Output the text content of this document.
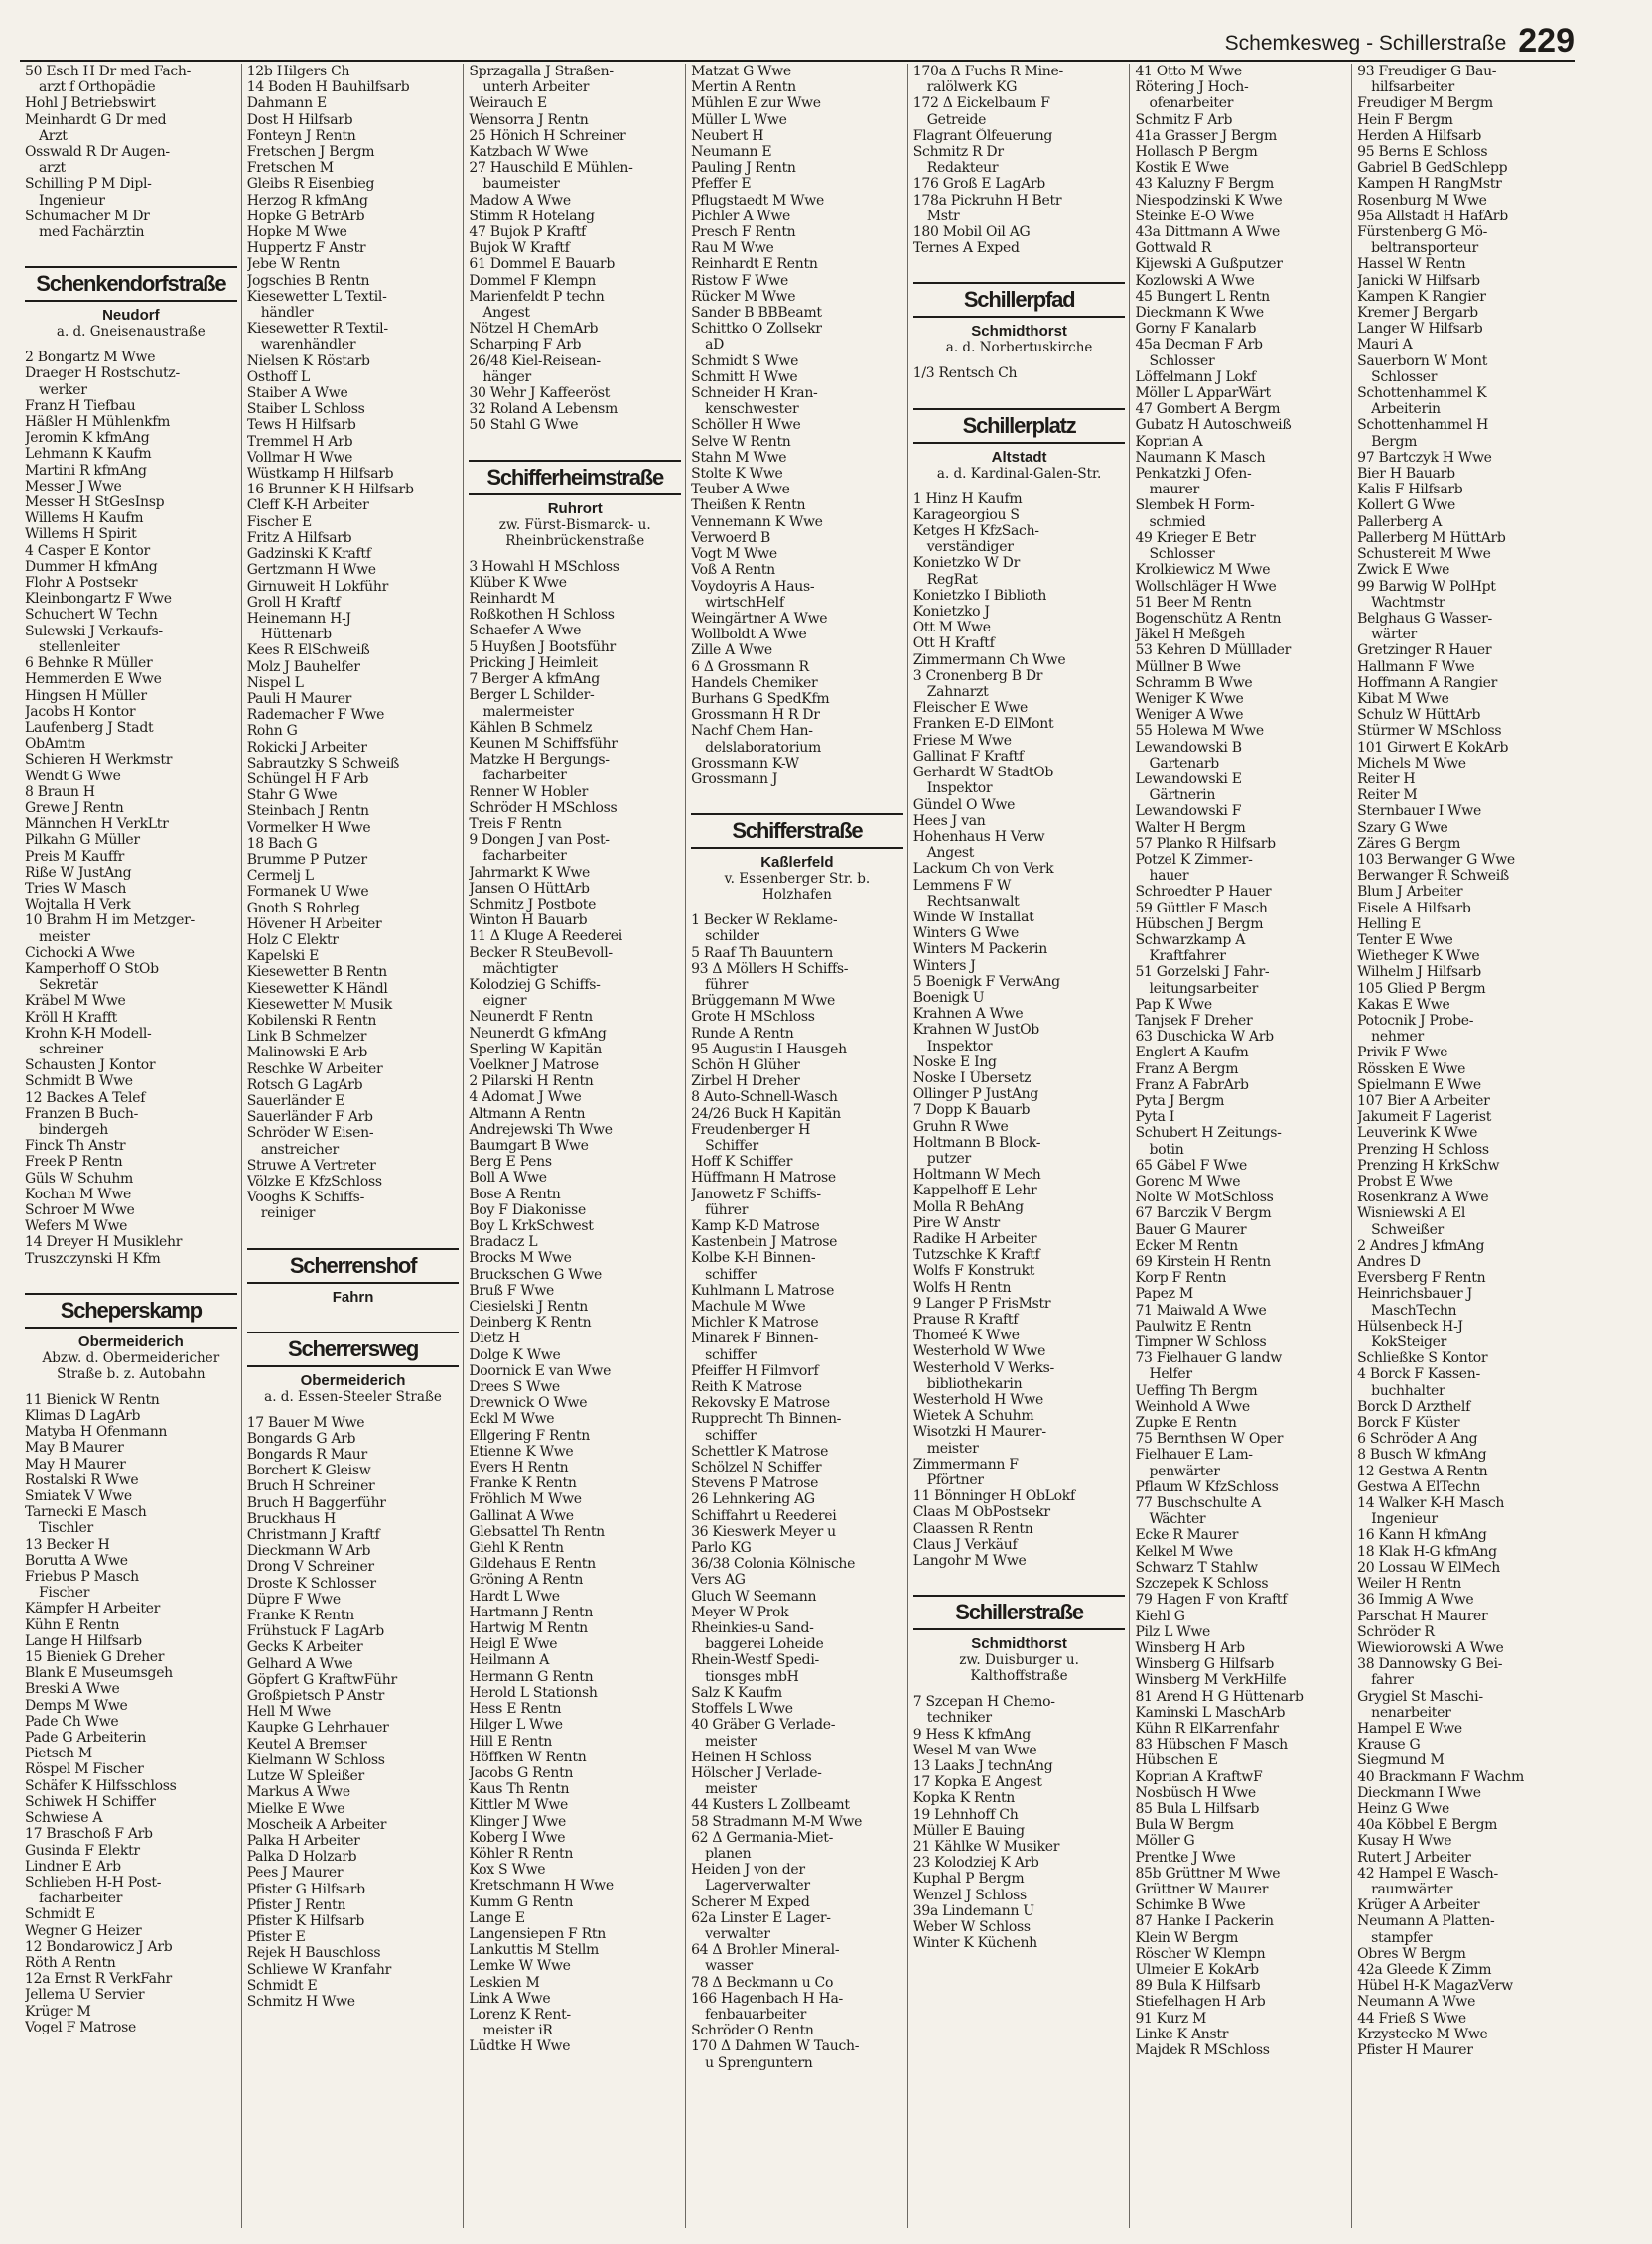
Schemkesweg - Schillerstraße 229
50 Esch H Dr med Fach-
arzt f Orthopädie
Hohl J Betriebswirt
Meinhardt G Dr med
Arzt
Osswald R Dr Augen-
arzt
Schilling P M Dipl-
Ingenieur
Schumacher M Dr
med Fachärztin
Schenkendorfstraße
Neudorf
a. d. Gneisenaustraße
2 Bongartz M Wwe
Draeger H Rostschutz-
werker
Franz H Tiefbau
Häßler H Mühlenkfm
Jeromin K kfmAng
Lehmann K Kaufm
Martini R kfmAng
Messer J Wwe
Messer H StGesInsp
Willems H Kaufm
Willems H Spirit
4 Casper E Kontor
Dummer H kfmAng
Flohr A Postsekr
Kleinbongartz F Wwe
Schuchert W Techn
Sulewski J Verkaufs-
stellenleiter
6 Behnke R Müller
Hemmerden E Wwe
Hingsen H Müller
Jacobs H Kontor
Laufenberg J Stadt
ObAmtm
Schieren H Werkmstr
Wendt G Wwe
8 Braun H
Grewe J Rentn
Männchen H VerkLtr
Pilkahn G Müller
Preis M Kauffr
Riße W JustAng
Tries W Masch
Wojtalla H Verk
10 Brahm H im Metzger-
meister
Cichocki A Wwe
Kamperhoff O StOb
Sekretär
Kräbel M Wwe
Kröll H Krafft
Krohn K-H Modell-
schreiner
Schausten J Kontor
Schmidt B Wwe
12 Backes A Telef
Franzen B Buch-
bindergeh
Finck Th Anstr
Freek P Rentn
Güls W Schuhm
Kochan M Wwe
Schroer M Wwe
Wefers M Wwe
14 Dreyer H Musiklehr
Truszczynski H Kfm
Scheperskamp
Obermeiderich
Abzw. d. Obermeidericher Straße b. z. Autobahn
11 Bienick W Rentn
Klimas D LagArb
Matyba H Ofenmann
May B Maurer
May H Maurer
Rostalski R Wwe
Smiatek V Wwe
Tarnecki E Masch
Tischler
13 Becker H
Borutta A Wwe
Friebus P Masch
Fischer
Kämpfer H Arbeiter
Kühn E Rentn
Lange H Hilfsarb
15 Bieniek G Dreher
Blank E Museumsgeh
Breski A Wwe
Demps M Wwe
Pade Ch Wwe
Pade G Arbeiterin
Pietsch M
Röspel M Fischer
Schäfer K Hilfsschloss
Schiwek H Schiffer
Schwiese A
17 Braschoß F Arb
Gusinda F Elektr
Lindner E Arb
Schlieben H-H Post-
facharbeiter
Schmidt E
Wegner G Heizer
12 Bondarowicz J Arb
Röth A Rentn
12a Ernst R VerkFahr
Jellema U Servier
Krüger M
Vogel F Matrose
12b Hilgers Ch
14 Boden H Bauhilfsarb
Dahmann E
Dost H Hilfsarb
Fonteyn J Rentn
Fretschen J Bergm
Fretschen M
Gleibs R Eisenbieg
Herzog R kfmAng
Hopke G BetrArb
Hopke M Wwe
Huppertz F Anstr
Jebe W Rentn
Jogschies B Rentn
Kiesewetter L Textil-
händler
Kiesewetter R Textil-
warenhändler
Nielsen K Röstarb
Osthoff L
Staiber A Wwe
Staiber L Schloss
Tews H Hilfsarb
Tremmel H Arb
Vollmar H Wwe
Wüstkamp H Hilfsarb
16 Brunner K H Hilfsarb
Cleff K-H Arbeiter
Fischer E
Fritz A Hilfsarb
Gadzinski K Kraftf
Gertzmann H Wwe
Girnuweit H Lokführ
Groll H Kraftf
Heinemann H-J
Hüttenarb
Kees R ElSchweiß
Molz J Bauhelfer
Nispel L
Pauli H Maurer
Rademacher F Wwe
Rohn G
Rokicki J Arbeiter
Sabrautzky S Schweiß
Schüngel H F Arb
Stahr G Wwe
Steinbach J Rentn
Vormelker H Wwe
18 Bach G
Brumme P Putzer
Cermelj L
Formanek U Wwe
Gnoth S Rohrleg
Hövener H Arbeiter
Holz C Elektr
Kapelski E
Kiesewetter B Rentn
Kiesewetter K Händl
Kiesewetter M Musik
Kobilenski R Rentn
Link B Schmelzer
Malinowski E Arb
Reschke W Arbeiter
Rotsch G LagArb
Sauerländer E
Sauerländer F Arb
Schröder W Eisen-
anstreicher
Struwe A Vertreter
Völzke E KfzSchloss
Vooghs K Schiffs-
reiniger
Scherrenshof
Fahrn
Scherrersweg
Obermeiderich
a. d. Essen-Steeler Straße
17 Bauer M Wwe
Bongards G Arb
Bongards R Maur
Borchert K Gleisw
Bruch H Schreiner
Bruch H Baggerführ
Bruckhaus H
Christmann J Kraftf
Dieckmann W Arb
Drong V Schreiner
Droste K Schlosser
Düpre F Wwe
Franke K Rentn
Frühstuck F LagArb
Gecks K Arbeiter
Gelhard A Wwe
Göpfert G KraftwFühr
Großpietsch P Anstr
Hell M Wwe
Kaupke G Lehrhauer
Keutel A Bremser
Kielmann W Schloss
Lutze W Spleißer
Markus A Wwe
Mielke E Wwe
Moscheik A Arbeiter
Palka H Arbeiter
Palka D Holzarb
Pees J Maurer
Pfister G Hilfsarb
Pfister J Rentn
Pfister K Hilfsarb
Pfister E
Rejek H Bauschloss
Schliewe W Kranfahr
Schmidt E
Schmitz H Wwe
Sprzagalla J Straßen-
unterh Arbeiter
Weirauch E
Wensorra J Rentn
25 Hönich H Schreiner
Katzbach W Wwe
27 Hauschild E Mühlen-
baumeister
Madow A Wwe
Stimm R Hotelang
47 Bujok P Kraftf
Bujok W Kraftf
61 Dommel E Bauarb
Dommel F Klempn
Marienfeldt P techn
Angest
Nötzel H ChemArb
Scharping F Arb
26/48 Kiel-Reisean-
hänger
30 Wehr J Kaffeeröst
32 Roland A Lebensm
50 Stahl G Wwe
Schifferheimstraße
Ruhrort
zw. Fürst-Bismarck- u. Rheinbrückenstraße
3 Howahl H MSchloss
Klüber K Wwe
Reinhardt M
Roßkothen H Schloss
Schaefer A Wwe
5 Huyßen J Bootsführ
Pricking J Heimleit
7 Berger A kfmAng
Berger L Schilder-
malermeister
Kählen B Schmelz
Keunen M Schiffsführ
Matzke H Bergungs-
facharbeiter
Renner W Hobler
Schröder H MSchloss
Treis F Rentn
9 Dongen J van Post-
facharbeiter
Jahrmarkt K Wwe
Jansen O HüttArb
Schmitz J Postbote
Winton H Bauarb
11 Δ Kluge A Reederei
Becker R SteuBevoll-
mächtigter
Kolodziej G Schiffs-
eigner
Neunerdt F Rentn
Neunerdt G kfmAng
Sperling W Kapitän
Voelkner J Matrose
2 Pilarski H Rentn
4 Adomat J Wwe
Altmann A Rentn
Andrejewski Th Wwe
Baumgart B Wwe
Berg E Pens
Boll A Wwe
Bose A Rentn
Boy F Diakonisse
Boy L KrkSchwest
Bradacz L
Brocks M Wwe
Bruckschen G Wwe
Bruß F Wwe
Ciesielski J Rentn
Deinberg K Rentn
Dietz H
Dolge K Wwe
Doornick E van Wwe
Drees S Wwe
Drewnick O Wwe
Eckl M Wwe
Ellgering F Rentn
Etienne K Wwe
Evers H Rentn
Franke K Rentn
Fröhlich M Wwe
Gallinat A Wwe
Glebsattel Th Rentn
Giehl K Rentn
Gildehaus E Rentn
Gröning A Rentn
Hardt L Wwe
Hartmann J Rentn
Hartwig M Rentn
Heigl E Wwe
Heilmann A
Hermann G Rentn
Herold L Stationsh
Hess E Rentn
Hilger L Wwe
Hill E Rentn
Höffken W Rentn
Jacobs G Rentn
Kaus Th Rentn
Kittler M Wwe
Klinger J Wwe
Koberg I Wwe
Köhler R Rentn
Kox S Wwe
Kretschmann H Wwe
Kumm G Rentn
Lange E
Langensiepen F Rtn
Lankuttis M Stellm
Lemke W Wwe
Leskien M
Link A Wwe
Lorenz K Rent-
meister iR
Lüdtke H Wwe
Matzat G Wwe
Mertin A Rentn
Mühlen E zur Wwe
Müller L Wwe
Neubert H
Neumann E
Pauling J Rentn
Pfeffer E
Pflugstaedt M Wwe
Pichler A Wwe
Presch F Rentn
Rau M Wwe
Reinhardt E Rentn
Ristow F Wwe
Rücker M Wwe
Sander B BBBeamt
Schittko O Zollsekr
aD
Schmidt S Wwe
Schmitt H Wwe
Schneider H Kran-
kenschwester
Schöller H Wwe
Selve W Rentn
Stahn M Wwe
Stolte K Wwe
Teuber A Wwe
Theißen K Rentn
Vennemann K Wwe
Verwoerd B
Vogt M Wwe
Voß A Rentn
Voydoyris A Haus-
wirtschHelf
Weingärtner A Wwe
Wollboldt A Wwe
Zille A Wwe
6 Δ Grossmann R
Handels Chemiker
Burhans G SpedKfm
Grossmann H R Dr
Nachf Chem Han-
delslaboratorium
Grossmann K-W
Grossmann J
Schifferstraße
Kaßlerfeld
v. Essenberger Str. b. Holzhafen
1 Becker W Reklame-
schilder
5 Raaf Th Bauuntern
93 Δ Möllers H Schiffs-
führer
Brüggemann M Wwe
Grote H MSchloss
Runde A Rentn
95 Augustin I Hausgeh
Schön H Glüher
Zirbel H Dreher
8 Auto-Schnell-Wasch
24/26 Buck H Kapitän
Freudenberger H
Schiffer
Hoff K Schiffer
Hüffmann H Matrose
Janowetz F Schiffs-
führer
Kamp K-D Matrose
Kastenbein J Matrose
Kolbe K-H Binnen-
schiffer
Kuhlmann L Matrose
Machule M Wwe
Michler K Matrose
Minarek F Binnen-
schiffer
Pfeiffer H Filmvorf
Reith K Matrose
Rekovsky E Matrose
Rupprecht Th Binnen-
schiffer
Schettler K Matrose
Schölzel N Schiffer
Stevens P Matrose
26 Lehnkering AG
Schiffahrt u Reederei
36 Kieswerk Meyer u
Parlo KG
36/38 Colonia Kölnische
Vers AG
Gluch W Seemann
Meyer W Prok
Rheinkies-u Sand-
baggerei Loheide
Rhein-Westf Spedi-
tionsges mbH
Salz K Kaufm
Stoffels L Wwe
40 Gräber G Verlade-
meister
Heinen H Schloss
Hölscher J Verlade-
meister
44 Kusters L Zollbeamt
58 Stradmann M-M Wwe
62 Δ Germania-Miet-
planen
Heiden J von der
Lagerverwalter
Scherer M Exped
62a Linster E Lager-
verwalter
64 Δ Brohler Mineral-
wasser
78 Δ Beckmann u Co
166 Hagenbach H Ha-
fenbauarbeiter
Schröder O Rentn
170 Δ Dahmen W Tauch-
u Sprenguntern
170a Δ Fuchs R Mine-
ralölwerk KG
172 Δ Eickelbaum F
Getreide
Flagrant Ölfeuerung
Schmitz R Dr
Redakteur
176 Groß E LagArb
178a Pickruhn H Betr
Mstr
180 Mobil Oil AG
Ternes A Exped
Schillerpfad
Schmidthorst
a. d. Norbertuskirche
1/3 Rentsch Ch
Schillerplatz
Altstadt
a. d. Kardinal-Galen-Str.
1 Hinz H Kaufm
Karageorgiou S
Ketges H KfzSach-
verständiger
Konietzko W Dr
RegRat
Konietzko I Biblioth
Konietzko J
Ott M Wwe
Ott H Kraftf
Zimmermann Ch Wwe
3 Cronenberg B Dr
Zahnarzt
Fleischer E Wwe
Franken E-D ElMont
Friese M Wwe
Gallinat F Kraftf
Gerhardt W StadtOb
Inspektor
Gündel O Wwe
Hees J van
Hohenhaus H Verw
Angest
Lackum Ch von Verk
Lemmens F W
Rechtsanwalt
Winde W Installat
Winters G Wwe
Winters M Packerin
Winters J
5 Boenigk F VerwAng
Boenigk U
Krahnen A Wwe
Krahnen W JustOb
Inspektor
Noske E Ing
Noske I Übersetz
Ollinger P JustAng
7 Dopp K Bauarb
Gruhn R Wwe
Holtmann B Block-
putzer
Holtmann W Mech
Kappelhoff E Lehr
Molla R BehAng
Pire W Anstr
Radike H Arbeiter
Tutzschke K Kraftf
Wolfs F Konstrukt
Wolfs H Rentn
9 Langer P FrisMstr
Prause R Kraftf
Thomeé K Wwe
Westerhold W Wwe
Westerhold V Werks-
bibliothekarin
Westerhold H Wwe
Wietek A Schuhm
Wisotzki H Maurer-
meister
Zimmermann F
Pförtner
11 Bönninger H ObLokf
Claas M ObPostsekr
Claassen R Rentn
Claus J Verkäuf
Langohr M Wwe
Schillerstraße
Schmidthorst
zw. Duisburger u. Kalthoffstraße
7 Szcepan H Chemo-
techniker
9 Hess K kfmAng
Wesel M van Wwe
13 Laaks J technAng
17 Kopka E Angest
Kopka K Rentn
19 Lehnhoff Ch
Müller E Bauing
21 Kählke W Musiker
23 Kolodziej K Arb
Kuphal P Bergm
Wenzel J Schloss
39a Lindemann U
Weber W Schloss
Winter K Küchenh
41 Otto M Wwe
Rötering J Hoch-
ofenarbeiter
Schmitz F Arb
41a Grasser J Bergm
Hollasch P Bergm
Kostik E Wwe
43 Kaluzny F Bergm
Niespodzinski K Wwe
Steinke E-O Wwe
43a Dittmann A Wwe
Gottwald R
Kijewski A Gußputzer
Kozlowski A Wwe
45 Bungert L Rentn
Dieckmann K Wwe
Gorny F Kanalarb
45a Decman F Arb
Schlosser
Löffelmann J Lokf
Möller L ApparWärt
47 Gombert A Bergm
Gubatz H Autoschweiß
Koprian A
Naumann K Masch
Penkatzki J Ofen-
maurer
Slembek H Form-
schmied
49 Krieger E Betr
Schlosser
Krolkiewicz M Wwe
Wollschläger H Wwe
51 Beer M Rentn
Bogenschütz A Rentn
Jäkel H Meßgeh
53 Kehren D Mülllader
Müllner B Wwe
Schramm B Wwe
Weniger K Wwe
Weniger A Wwe
55 Holewa M Wwe
Lewandowski B
Gartenarb
Lewandowski E
Gärtnerin
Lewandowski F
Walter H Bergm
57 Planko R Hilfsarb
Potzel K Zimmer-
hauer
Schroedter P Hauer
59 Güttler F Masch
Hübschen J Bergm
Schwarzkamp A
Kraftfahrer
51 Gorzelski J Fahr-
leitungsarbeiter
Pap K Wwe
Tanjsek F Dreher
63 Duschicka W Arb
Englert A Kaufm
Franz A Bergm
Franz A FabrArb
Pyta J Bergm
Pyta I
Schubert H Zeitungs-
botin
65 Gäbel F Wwe
Gorenc M Wwe
Nolte W MotSchloss
67 Barczik V Bergm
Bauer G Maurer
Ecker M Rentn
69 Kirstein H Rentn
Korp F Rentn
Papez M
71 Maiwald A Wwe
Paulwitz E Rentn
Timpner W Schloss
73 Fielhauer G landw
Helfer
Ueffing Th Bergm
Weinhold A Wwe
Zupke E Rentn
75 Bernthsen W Oper
Fielhauer E Lam-
penwärter
Pflaum W KfzSchloss
77 Buschschulte A
Wächter
Ecke R Maurer
Kelkel M Wwe
Schwarz T Stahlw
Szczepek K Schloss
79 Hagen F von Kraftf
Kiehl G
Pilz L Wwe
Winsberg H Arb
Winsberg G Hilfsarb
Winsberg M VerkHilfe
81 Arend H G Hüttenarb
Kaminski L MaschArb
Kühn R ElKarrenfahr
83 Hübschen F Masch
Hübschen E
Koprian A KraftwF
Nosbüsch H Wwe
85 Bula L Hilfsarb
Bula W Bergm
Möller G
Prentke J Wwe
85b Grüttner M Wwe
Grüttner W Maurer
Schimke B Wwe
87 Hanke I Packerin
Klein W Bergm
Röscher W Klempn
Ulmeier E KokArb
89 Bula K Hilfsarb
Stiefelhagen H Arb
91 Kurz M
Linke K Anstr
Majdek R MSchloss
93 Freudiger G Bau-
hilfsarbeiter
Freudiger M Bergm
Hein F Bergm
Herden A Hilfsarb
95 Berns E Schloss
Gabriel B GedSchlepp
Kampen H RangMstr
Rosenburg M Wwe
95a Allstadt H HafArb
Fürstenberg G Mö-
beltransporteur
Hassel W Rentn
Janicki W Hilfsarb
Kampen K Rangier
Kremer J Bergarb
Langer W Hilfsarb
Mauri A
Sauerborn W Mont
Schlosser
Schottenhammel K
Arbeiterin
Schottenhammel H
Bergm
97 Bartczyk H Wwe
Bier H Bauarb
Kalis F Hilfsarb
Kollert G Wwe
Pallerberg A
Pallerberg M HüttArb
Schustereit M Wwe
Zwick E Wwe
99 Barwig W PolHpt
Wachtmstr
Belghaus G Wasser-
wärter
Gretzinger R Hauer
Hallmann F Wwe
Hoffmann A Rangier
Kibat M Wwe
Schulz W HüttArb
Stürmer W MSchloss
101 Girwert E KokArb
Michels M Wwe
Reiter H
Reiter M
Sternbauer I Wwe
Szary G Wwe
Zäres G Bergm
103 Berwanger G Wwe
Berwanger R Schweiß
Blum J Arbeiter
Eisele A Hilfsarb
Helling E
Tenter E Wwe
Wietheger K Wwe
Wilhelm J Hilfsarb
105 Glied P Bergm
Kakas E Wwe
Potocnik J Probe-
nehmer
Privik F Wwe
Rössken E Wwe
Spielmann E Wwe
107 Bier A Arbeiter
Jakumeit F Lagerist
Leuverink K Wwe
Prenzing H Schloss
Prenzing H KrkSchw
Probst E Wwe
Rosenkranz A Wwe
Wisniewski A El
Schweißer
2 Andres J kfmAng
Andres D
Eversberg F Rentn
Heinrichsbauer J
MaschTechn
Hülsenbeck H-J
KokSteiger
Schließke S Kontor
4 Borck F Kassen-
buchhalter
Borck D Arzthelf
Borck F Küster
6 Schröder A Ang
8 Busch W kfmAng
12 Gestwa A Rentn
Gestwa A ElTechn
14 Walker K-H Masch
Ingenieur
16 Kann H kfmAng
18 Klak H-G kfmAng
20 Lossau W ElMech
Weiler H Rentn
36 Immig A Wwe
Parschat H Maurer
Schröder R
Wiewiorowski A Wwe
38 Dannowsky G Bei-
fahrer
Grygiel St Maschi-
nenarbeiter
Hampel E Wwe
Krause G
Siegmund M
40 Brackmann F Wachm
Dieckmann I Wwe
Heinz G Wwe
40a Köbbel E Bergm
Kusay H Wwe
Rutert J Arbeiter
42 Hampel E Wasch-
raumwärter
Krüger A Arbeiter
Neumann A Platten-
stampfer
Obres W Bergm
42a Gleede K Zimm
Hübel H-K MagazVerw
Neumann A Wwe
44 Frieß S Wwe
Krzystecko M Wwe
Pfister H Maurer
